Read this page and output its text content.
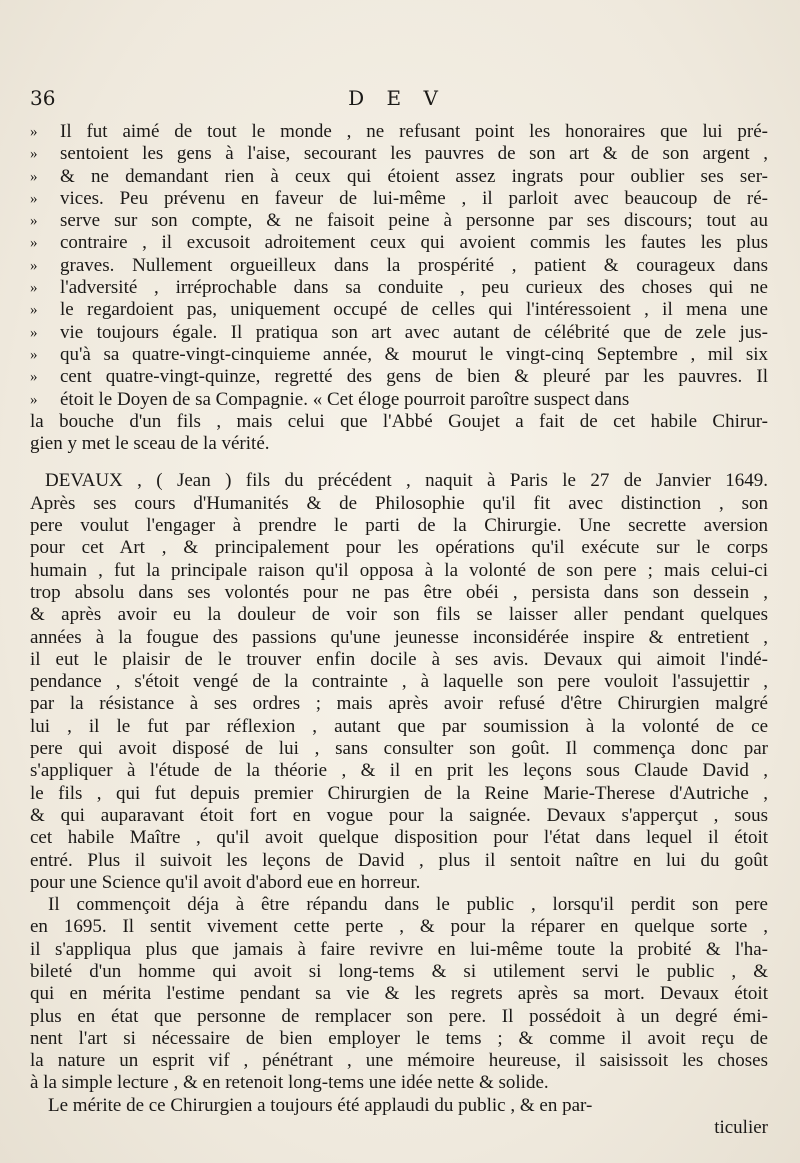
36	D E V
» Il fut aimé de tout le monde , ne refusant point les honoraires que lui pré-
» sentoient les gens à l'aise, secourant les pauvres de son art & de son argent ,
» & ne demandant rien à ceux qui étoient assez ingrats pour oublier ses ser-
» vices. Peu prévenu en faveur de lui-même , il parloit avec beaucoup de ré-
» serve sur son compte, & ne faisoit peine à personne par ses discours; tout au
» contraire , il excusoit adroitement ceux qui avoient commis les fautes les plus
» graves. Nullement orgueilleux dans la prospérité , patient & courageux dans
» l'adversité , irréprochable dans sa conduite , peu curieux des choses qui ne
» le regardoient pas, uniquement occupé de celles qui l'intéressoient , il mena une
» vie toujours égale. Il pratiqua son art avec autant de célébrité que de zele jus-
» qu'à sa quatre-vingt-cinquieme année, & mourut le vingt-cinq Septembre , mil six
» cent quatre-vingt-quinze, regretté des gens de bien & pleuré par les pauvres. Il
» étoit le Doyen de sa Compagnie. « Cet éloge pourroit paroître suspect dans
la bouche d'un fils , mais celui que l'Abbé Goujet a fait de cet habile Chirur-
gien y met le sceau de la vérité.
DEVAUX , ( Jean ) fils du précédent , naquit à Paris le 27 de Janvier 1649.
Après ses cours d'Humanités & de Philosophie qu'il fit avec distinction , son
pere voulut l'engager à prendre le parti de la Chirurgie. Une secrette aversion
pour cet Art , & principalement pour les opérations qu'il exécute sur le corps
humain , fut la principale raison qu'il opposa à la volonté de son pere ; mais celui-ci
trop absolu dans ses volontés pour ne pas être obéi , persista dans son dessein ,
& après avoir eu la douleur de voir son fils se laisser aller pendant quelques
années à la fougue des passions qu'une jeunesse inconsidérée inspire & entretient ,
il eut le plaisir de le trouver enfin docile à ses avis. Devaux qui aimoit l'indé-
pendance , s'étoit vengé de la contrainte , à laquelle son pere vouloit l'assujettir ,
par la résistance à ses ordres ; mais après avoir refusé d'être Chirurgien malgré
lui , il le fut par réflexion , autant que par soumission à la volonté de ce
pere qui avoit disposé de lui , sans consulter son goût. Il commença donc par
s'appliquer à l'étude de la théorie , & il en prit les leçons sous Claude David ,
le fils , qui fut depuis premier Chirurgien de la Reine Marie-Therese d'Autriche ,
& qui auparavant étoit fort en vogue pour la saignée. Devaux s'apperçut , sous
cet habile Maître , qu'il avoit quelque disposition pour l'état dans lequel il étoit
entré. Plus il suivoit les leçons de David , plus il sentoit naître en lui du goût
pour une Science qu'il avoit d'abord eue en horreur.
Il commençoit déja à être répandu dans le public , lorsqu'il perdit son pere
en 1695. Il sentit vivement cette perte , & pour la réparer en quelque sorte ,
il s'appliqua plus que jamais à faire revivre en lui-même toute la probité & l'ha-
bileté d'un homme qui avoit si long-tems & si utilement servi le public , &
qui en mérita l'estime pendant sa vie & les regrets après sa mort. Devaux étoit
plus en état que personne de remplacer son pere. Il possédoit à un degré émi-
nent l'art si nécessaire de bien employer le tems ; & comme il avoit reçu de
la nature un esprit vif , pénétrant , une mémoire heureuse, il saisissoit les choses
à la simple lecture , & en retenoit long-tems une idée nette & solide.
Le mérite de ce Chirurgien a toujours été applaudi du public , & en par-
ticulier
